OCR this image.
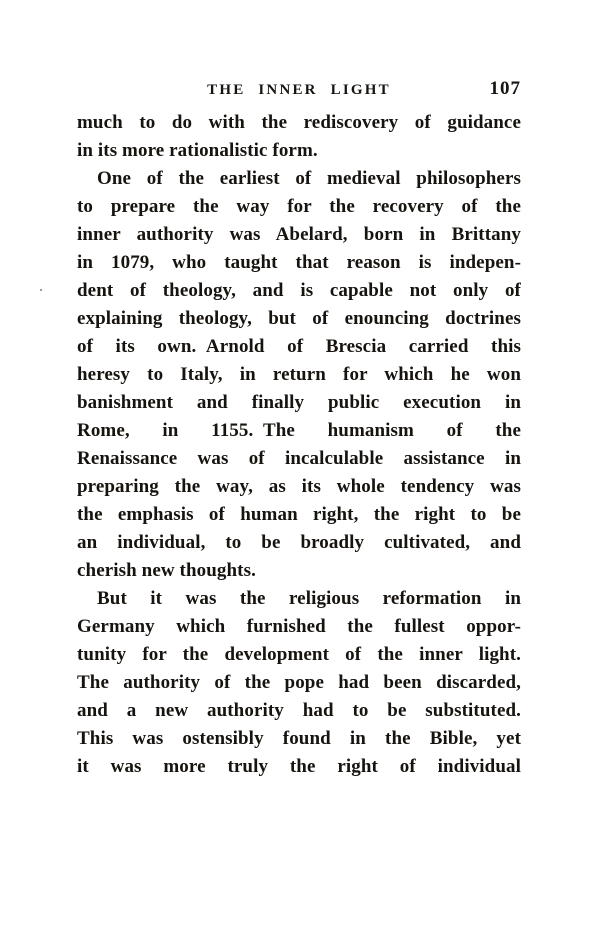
THE INNER LIGHT	107
much to do with the rediscovery of guidance
in its more rationalistic form.
One of the earliest of medieval philosophers
to prepare the way for the recovery of the
inner authority was Abelard, born in Brittany
in 1079, who taught that reason is indepen-
dent of theology, and is capable not only of
explaining theology, but of enouncing doctrines
of its own. Arnold of Brescia carried this
heresy to Italy, in return for which he won
banishment and finally public execution in
Rome, in 1155. The humanism of the
Renaissance was of incalculable assistance in
preparing the way, as its whole tendency was
the emphasis of human right, the right to be
an individual, to be broadly cultivated, and
cherish new thoughts.
But it was the religious reformation in
Germany which furnished the fullest oppor-
tunity for the development of the inner light.
The authority of the pope had been discarded,
and a new authority had to be substituted.
This was ostensibly found in the Bible, yet
it was more truly the right of individual
